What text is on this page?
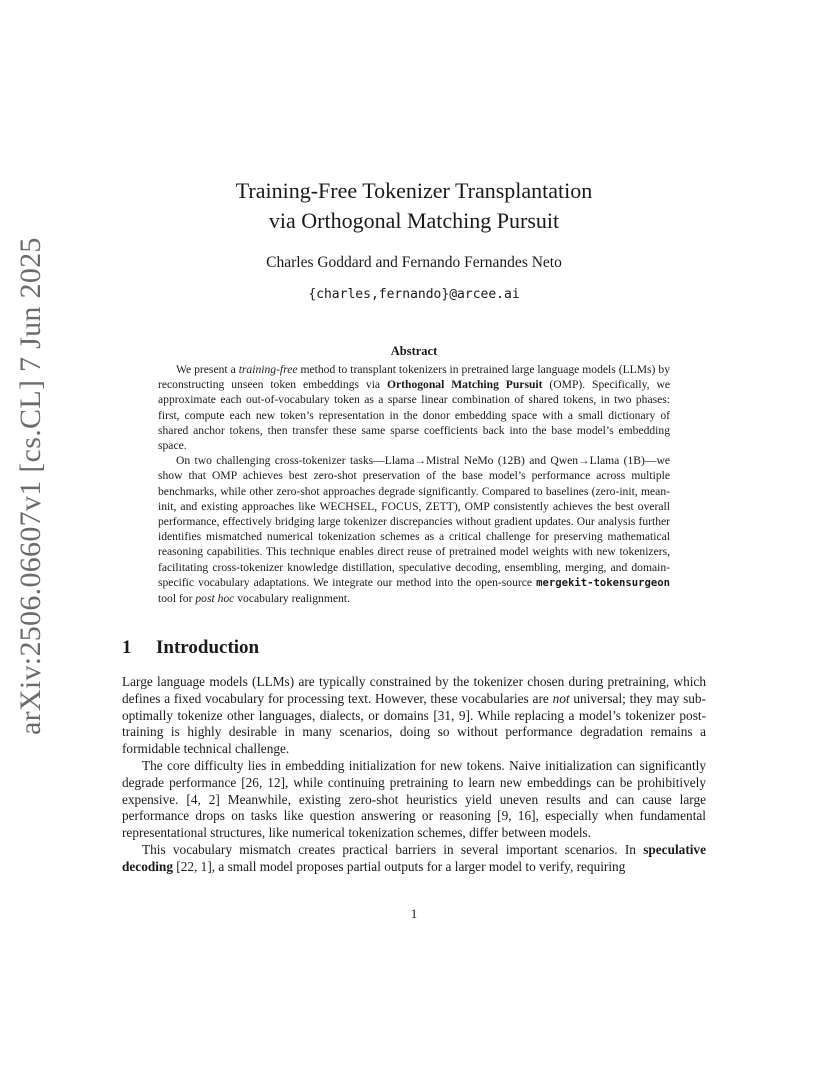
arXiv:2506.06607v1 [cs.CL] 7 Jun 2025
Training-Free Tokenizer Transplantation
via Orthogonal Matching Pursuit
Charles Goddard and Fernando Fernandes Neto
{charles,fernando}@arcee.ai
Abstract

We present a training-free method to transplant tokenizers in pretrained large language models (LLMs) by reconstructing unseen token embeddings via Orthogonal Matching Pursuit (OMP). Specifically, we approximate each out-of-vocabulary token as a sparse linear combination of shared tokens, in two phases: first, compute each new token’s representation in the donor embedding space with a small dictionary of shared anchor tokens, then transfer these same sparse coefficients back into the base model’s embedding space.

On two challenging cross-tokenizer tasks—Llama→Mistral NeMo (12B) and Qwen→Llama (1B)—we show that OMP achieves best zero-shot preservation of the base model’s performance across multiple benchmarks, while other zero-shot approaches degrade significantly. Compared to baselines (zero-init, mean-init, and existing approaches like WECHSEL, FOCUS, ZETT), OMP consistently achieves the best overall performance, effectively bridging large tokenizer discrepancies without gradient updates. Our analysis further identifies mismatched numerical tokenization schemes as a critical challenge for preserving mathematical reasoning capabilities. This technique enables direct reuse of pretrained model weights with new tokenizers, facilitating cross-tokenizer knowledge distillation, speculative decoding, ensembling, merging, and domain-specific vocabulary adaptations. We integrate our method into the open-source mergekit-tokensurgeon tool for post hoc vocabulary realignment.

1 Introduction

Large language models (LLMs) are typically constrained by the tokenizer chosen during pretraining, which defines a fixed vocabulary for processing text. However, these vocabularies are not universal; they may sub-optimally tokenize other languages, dialects, or domains [31, 9]. While replacing a model’s tokenizer post-training is highly desirable in many scenarios, doing so without performance degradation remains a formidable technical challenge.

The core difficulty lies in embedding initialization for new tokens. Naive initialization can significantly degrade performance [26, 12], while continuing pretraining to learn new embeddings can be prohibitively expensive. [4, 2] Meanwhile, existing zero-shot heuristics yield uneven results and can cause large performance drops on tasks like question answering or reasoning [9, 16], especially when fundamental representational structures, like numerical tokenization schemes, differ between models.

This vocabulary mismatch creates practical barriers in several important scenarios. In speculative decoding [22, 1], a small model proposes partial outputs for a larger model to verify, requiring

1
